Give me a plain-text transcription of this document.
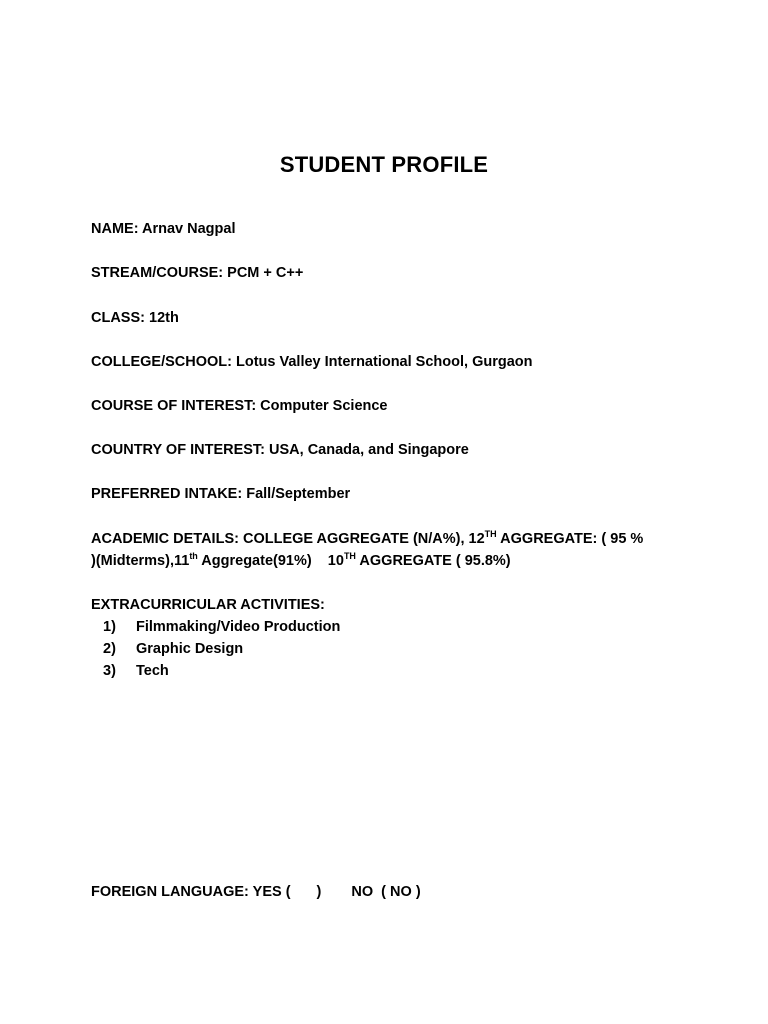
STUDENT PROFILE
NAME: Arnav Nagpal
STREAM/COURSE: PCM + C++
CLASS: 12th
COLLEGE/SCHOOL: Lotus Valley International School, Gurgaon
COURSE OF INTEREST: Computer Science
COUNTRY OF INTEREST: USA, Canada, and Singapore
PREFERRED INTAKE: Fall/September
ACADEMIC DETAILS: COLLEGE AGGREGATE (N/A%), 12TH AGGREGATE: ( 95 %
)(Midterms),11th Aggregate(91%)    10TH AGGREGATE ( 95.8%)
EXTRACURRICULAR ACTIVITIES:
1) Filmmaking/Video Production
2) Graphic Design
3) Tech
FOREIGN LANGUAGE: YES ( ) NO  ( NO )
